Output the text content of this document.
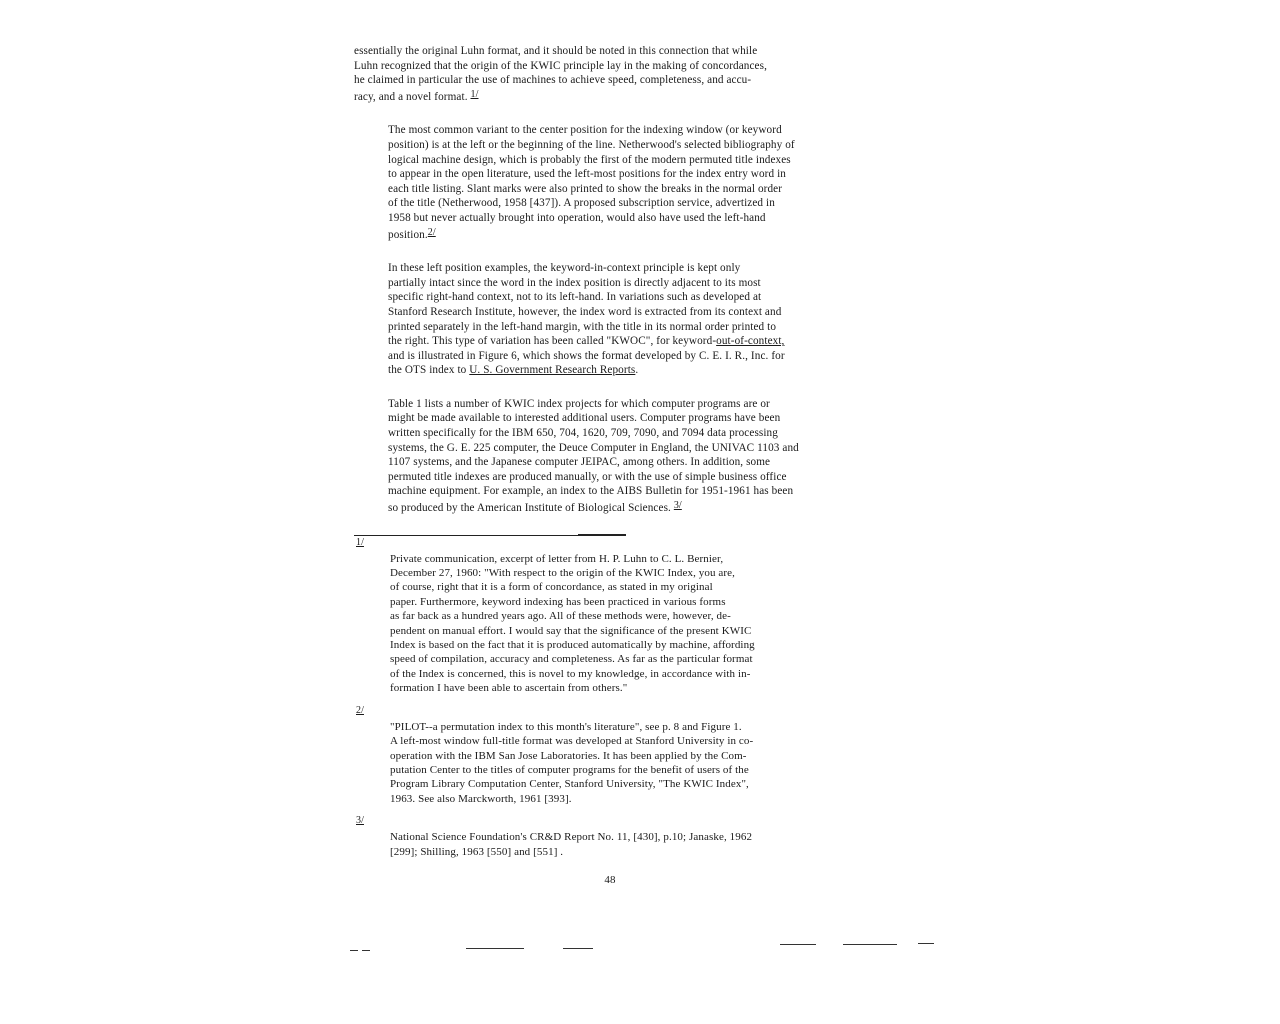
essentially the original Luhn format, and it should be noted in this connection that while
Luhn recognized that the origin of the KWIC principle lay in the making of concordances,
he claimed in particular the use of machines to achieve speed, completeness, and accu-
racy, and a novel format. 1/

The most common variant to the center position for the indexing window (or keyword
position) is at the left or the beginning of the line. Netherwood's selected bibliography of
logical machine design, which is probably the first of the modern permuted title indexes
to appear in the open literature, used the left-most positions for the index entry word in
each title listing. Slant marks were also printed to show the breaks in the normal order
of the title (Netherwood, 1958 [437]). A proposed subscription service, advertized in
1958 but never actually brought into operation, would also have used the left-hand
position.2/

In these left position examples, the keyword-in-context principle is kept only
partially intact since the word in the index position is directly adjacent to its most
specific right-hand context, not to its left-hand. In variations such as developed at
Stanford Research Institute, however, the index word is extracted from its context and
printed separately in the left-hand margin, with the title in its normal order printed to
the right. This type of variation has been called "KWOC", for keyword-out-of-context,
and is illustrated in Figure 6, which shows the format developed by C. E. I. R., Inc. for
the OTS index to U. S. Government Research Reports.

Table 1 lists a number of KWIC index projects for which computer programs are or
might be made available to interested additional users. Computer programs have been
written specifically for the IBM 650, 704, 1620, 709, 7090, and 7094 data processing
systems, the G. E. 225 computer, the Deuce Computer in England, the UNIVAC 1103 and
1107 systems, and the Japanese computer JEIPAC, among others. In addition, some
permuted title indexes are produced manually, or with the use of simple business office
machine equipment. For example, an index to the AIBS Bulletin for 1951-1961 has been
so produced by the American Institute of Biological Sciences. 3/

1/
Private communication, excerpt of letter from H. P. Luhn to C. L. Bernier,
December 27, 1960: "With respect to the origin of the KWIC Index, you are,
of course, right that it is a form of concordance, as stated in my original
paper. Furthermore, keyword indexing has been practiced in various forms
as far back as a hundred years ago. All of these methods were, however, de-
pendent on manual effort. I would say that the significance of the present KWIC
Index is based on the fact that it is produced automatically by machine, affording
speed of compilation, accuracy and completeness. As far as the particular format
of the Index is concerned, this is novel to my knowledge, in accordance with in-
formation I have been able to ascertain from others."
2/
"PILOT--a permutation index to this month's literature", see p. 8 and Figure 1.
A left-most window full-title format was developed at Stanford University in co-
operation with the IBM San Jose Laboratories. It has been applied by the Com-
putation Center to the titles of computer programs for the benefit of users of the
Program Library Computation Center, Stanford University, "The KWIC Index",
1963. See also Marckworth, 1961 [393].
3/
National Science Foundation's CR&D Report No. 11, [430], p.10; Janaske, 1962
[299]; Shilling, 1963 [550] and [551] .
48
